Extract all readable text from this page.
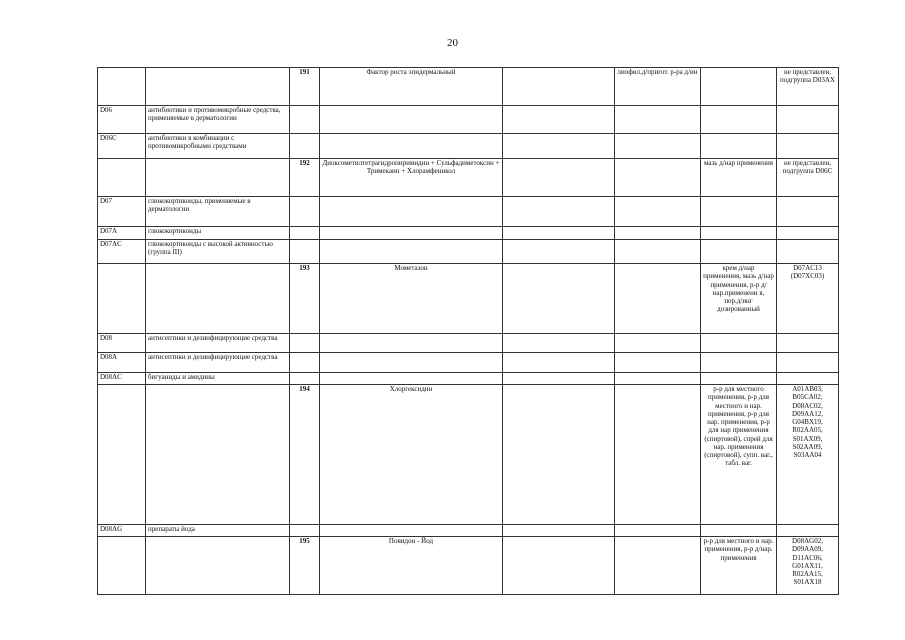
20
		191	Фактор роста эпидермальный		лиофил.д/пригот. р-ра д/ин		не представлен, подгруппа D03AX
D06	антибиотики и противомикробные средства, применяемые в дерматологии						
D06C	антибиотики в комбинации с противомикробными средствами						
		192	Диоксометилтетрагидропиримидин + Сульфадиметоксин + Тримекаин + Хлорамфеникол			мазь д/нар применения	не представлен, подгруппа D06C
D07	глюкокортикоиды, применяемые в дерматологии						
D07A	глюкокортикоиды						
D07AC	глюкокортикоиды с высокой активностью (группа III)						
		193	Мометазон			крем д/нар применения, мазь д/нар применения, р-р д/нар.применени я, пор.д/инг дозированный	D07AC13 (D07XC03)
D08	антисептики и дезинфицирующие средства						
D08A	антисептики и дезинфицирующие средства						
D08AC	бигуаниды и амидины						
		194	Хлоргексидин			р-р для местного применения, р-р для местного и нар. применения, р-р для нар. применения, р-р для нар применения (спиртовой), спрей для нар. применения (спиртовой), супп. ваг., табл. ваг.	A01AB03, B05CA02, D08AC02, D09AA12, G04BX19, R02AA05, S01AX09, S02AA09, S03AA04
D08AG	препараты йода						
		195	Повидон - Йод			р-р для местного и нар. применения, р-р д/нар. применения	D08AG02, D09AA09, D11AC06, G01AX11, R02AA15, S01AX18
